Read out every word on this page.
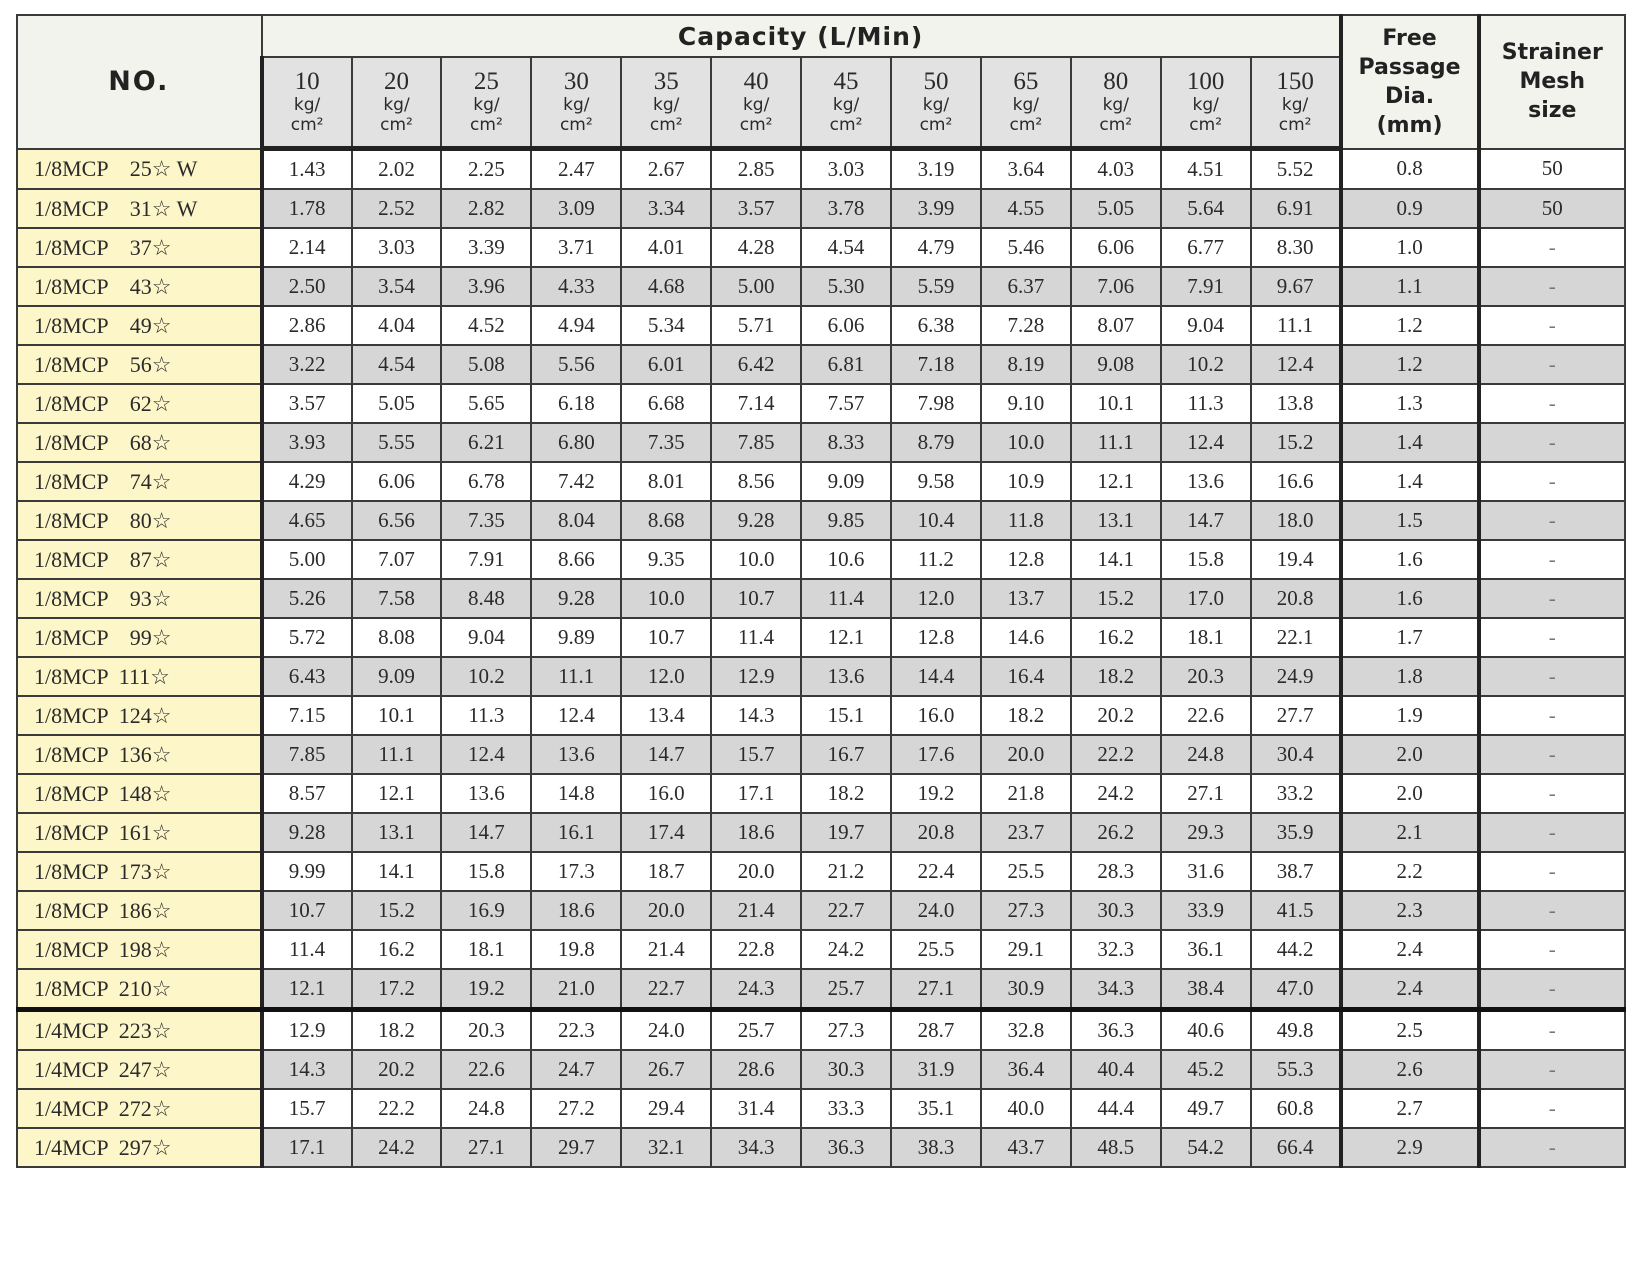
NO.	Capacity (L/Min)												Free
Passage
Dia.
(mm)	Strainer
Mesh
size

	10
kg/
cm²	20
kg/
cm²	25
kg/
cm²	30
kg/
cm²	35
kg/
cm²	40
kg/
cm²	45
kg/
cm²	50
kg/
cm²	65
kg/
cm²	80
kg/
cm²	100
kg/
cm²	150
kg/
cm²		

1/8MCP    25☆ W	1.43	2.02	2.25	2.47	2.67	2.85	3.03	3.19	3.64	4.03	4.51	5.52	0.8	50
1/8MCP    31☆ W	1.78	2.52	2.82	3.09	3.34	3.57	3.78	3.99	4.55	5.05	5.64	6.91	0.9	50
1/8MCP    37☆	2.14	3.03	3.39	3.71	4.01	4.28	4.54	4.79	5.46	6.06	6.77	8.30	1.0	-
1/8MCP    43☆	2.50	3.54	3.96	4.33	4.68	5.00	5.30	5.59	6.37	7.06	7.91	9.67	1.1	-
1/8MCP    49☆	2.86	4.04	4.52	4.94	5.34	5.71	6.06	6.38	7.28	8.07	9.04	11.1	1.2	-
1/8MCP    56☆	3.22	4.54	5.08	5.56	6.01	6.42	6.81	7.18	8.19	9.08	10.2	12.4	1.2	-
1/8MCP    62☆	3.57	5.05	5.65	6.18	6.68	7.14	7.57	7.98	9.10	10.1	11.3	13.8	1.3	-
1/8MCP    68☆	3.93	5.55	6.21	6.80	7.35	7.85	8.33	8.79	10.0	11.1	12.4	15.2	1.4	-
1/8MCP    74☆	4.29	6.06	6.78	7.42	8.01	8.56	9.09	9.58	10.9	12.1	13.6	16.6	1.4	-
1/8MCP    80☆	4.65	6.56	7.35	8.04	8.68	9.28	9.85	10.4	11.8	13.1	14.7	18.0	1.5	-
1/8MCP    87☆	5.00	7.07	7.91	8.66	9.35	10.0	10.6	11.2	12.8	14.1	15.8	19.4	1.6	-
1/8MCP    93☆	5.26	7.58	8.48	9.28	10.0	10.7	11.4	12.0	13.7	15.2	17.0	20.8	1.6	-
1/8MCP    99☆	5.72	8.08	9.04	9.89	10.7	11.4	12.1	12.8	14.6	16.2	18.1	22.1	1.7	-
1/8MCP  111☆	6.43	9.09	10.2	11.1	12.0	12.9	13.6	14.4	16.4	18.2	20.3	24.9	1.8	-
1/8MCP  124☆	7.15	10.1	11.3	12.4	13.4	14.3	15.1	16.0	18.2	20.2	22.6	27.7	1.9	-
1/8MCP  136☆	7.85	11.1	12.4	13.6	14.7	15.7	16.7	17.6	20.0	22.2	24.8	30.4	2.0	-
1/8MCP  148☆	8.57	12.1	13.6	14.8	16.0	17.1	18.2	19.2	21.8	24.2	27.1	33.2	2.0	-
1/8MCP  161☆	9.28	13.1	14.7	16.1	17.4	18.6	19.7	20.8	23.7	26.2	29.3	35.9	2.1	-
1/8MCP  173☆	9.99	14.1	15.8	17.3	18.7	20.0	21.2	22.4	25.5	28.3	31.6	38.7	2.2	-
1/8MCP  186☆	10.7	15.2	16.9	18.6	20.0	21.4	22.7	24.0	27.3	30.3	33.9	41.5	2.3	-
1/8MCP  198☆	11.4	16.2	18.1	19.8	21.4	22.8	24.2	25.5	29.1	32.3	36.1	44.2	2.4	-
1/8MCP  210☆	12.1	17.2	19.2	21.0	22.7	24.3	25.7	27.1	30.9	34.3	38.4	47.0	2.4	-
1/4MCP  223☆	12.9	18.2	20.3	22.3	24.0	25.7	27.3	28.7	32.8	36.3	40.6	49.8	2.5	-
1/4MCP  247☆	14.3	20.2	22.6	24.7	26.7	28.6	30.3	31.9	36.4	40.4	45.2	55.3	2.6	-
1/4MCP  272☆	15.7	22.2	24.8	27.2	29.4	31.4	33.3	35.1	40.0	44.4	49.7	60.8	2.7	-
1/4MCP  297☆	17.1	24.2	27.1	29.7	32.1	34.3	36.3	38.3	43.7	48.5	54.2	66.4	2.9	-
